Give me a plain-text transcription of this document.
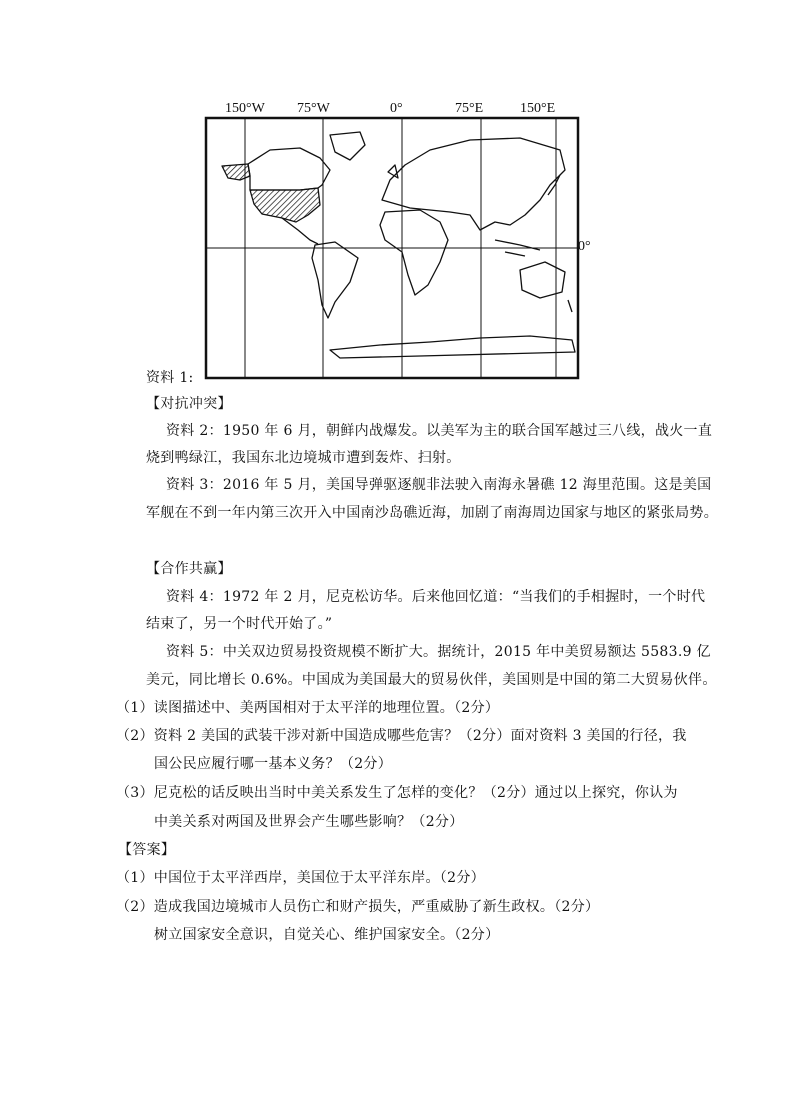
150°W 75°W	0°	75°E	150°E
0°
资料 1:
【对抗冲突】
资料 2：1950 年 6 月，朝鲜内战爆发。以美军为主的联合国军越过三八线，战火一直
烧到鸭绿江，我国东北边境城市遭到轰炸、扫射。
资料 3：2016 年 5 月，美国导弹驱逐舰非法驶入南海永暑礁 12 海里范围。这是美国
军舰在不到一年内第三次开入中国南沙岛礁近海，加剧了南海周边国家与地区的紧张局势。
【合作共赢】
资料 4：1972 年 2 月，尼克松访华。后来他回忆道：“当我们的手相握时，一个时代
结束了，另一个时代开始了。”
资料 5：中关双边贸易投资规模不断扩大。据统计，2015 年中美贸易额达 5583.9 亿
美元，同比增长 0.6%。中国成为美国最大的贸易伙伴，美国则是中国的第二大贸易伙伴。
（1）读图描述中、美两国相对于太平洋的地理位置。（2分）
（2）资料 2 美国的武装干涉对新中国造成哪些危害？（2分）面对资料 3 美国的行径，我
国公民应履行哪一基本义务？（2分）
（3）尼克松的话反映出当时中美关系发生了怎样的变化？（2分）通过以上探究，你认为
中美关系对两国及世界会产生哪些影响？（2分）
【答案】
（1）中国位于太平洋西岸，美国位于太平洋东岸。（2分）
（2）造成我国边境城市人员伤亡和财产损失，严重威胁了新生政权。（2分）
树立国家安全意识，自觉关心、维护国家安全。（2分）
